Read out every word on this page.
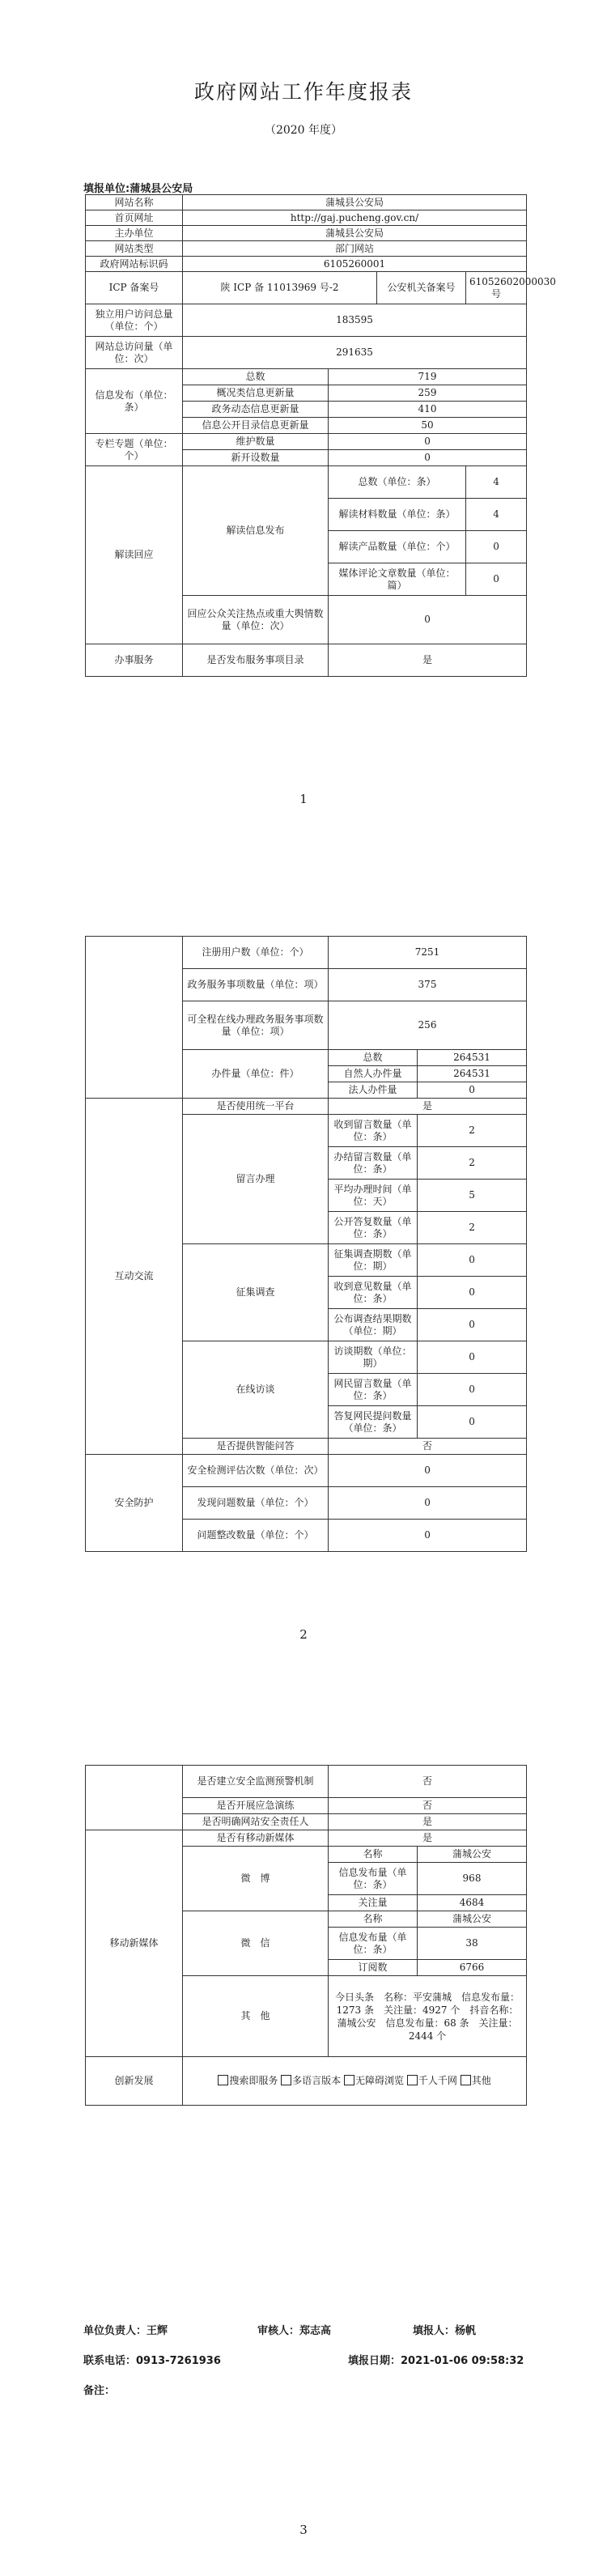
政府网站工作年度报表
（2020 年度）
填报单位:蒲城县公安局
网站名称	蒲城县公安局			
首页网址	http://gaj.pucheng.gov.cn/			
主办单位	蒲城县公安局			
网站类型	部门网站			
政府网站标识码	6105260001			
ICP 备案号	陕 ICP 备 11013969 号-2		公安机关备案号	61052602000030 号
独立用户访问总量（单位：个）	183595			
网站总访问量（单位：次）	291635			
信息发布（单位：条）	总数	719		
	概况类信息更新量	259		
	政务动态信息更新量	410		
	信息公开目录信息更新量	50		
专栏专题（单位：个）	维护数量	0		
	新开设数量	0		
解读回应	解读信息发布	总数（单位：条）		4
		解读材料数量（单位：条）		4
		解读产品数量（单位：个）		0
		媒体评论文章数量（单位：篇）		0
	回应公众关注热点或重大舆情数量（单位：次）	0		
办事服务	是否发布服务事项目录	是		
1
	注册用户数（单位：个）	7251	
	政务服务事项数量（单位：项）	375	
	可全程在线办理政务服务事项数量（单位：项）	256	
	办件量（单位：件）	总数	264531
		自然人办件量	264531
		法人办件量	0
互动交流	是否使用统一平台	是	
	留言办理	收到留言数量（单位：条）	2
		办结留言数量（单位：条）	2
		平均办理时间（单位：天）	5
		公开答复数量（单位：条）	2
	征集调查	征集调查期数（单位：期）	0
		收到意见数量（单位：条）	0
		公布调查结果期数（单位：期）	0
	在线访谈	访谈期数（单位：期）	0
		网民留言数量（单位：条）	0
		答复网民提问数量（单位：条）	0
	是否提供智能问答	否	
安全防护	安全检测评估次数（单位：次）	0	
	发现问题数量（单位：个）	0	
	问题整改数量（单位：个）	0	
2
	是否建立安全监测预警机制	否	
	是否开展应急演练	否	
	是否明确网站安全责任人	是	
移动新媒体	是否有移动新媒体	是	
	微　博	名称	蒲城公安
		信息发布量（单位：条）	968
		关注量	4684
	微　信	名称	蒲城公安
		信息发布量（单位：条）	38
		订阅数	6766
	其　他	今日头条　名称：平安蒲城　信息发布量：1273 条　关注量：4927 个　抖音名称：蒲城公安　信息发布量：68 条　关注量：2444 个	
创新发展	搜索即服务 多语言版本 无障碍浏览 千人千网 其他		
单位负责人：王辉	审核人：郑志高	填报人：杨帆
联系电话：0913-7261936	填报日期：2021-01-06 09:58:32
备注：
3
